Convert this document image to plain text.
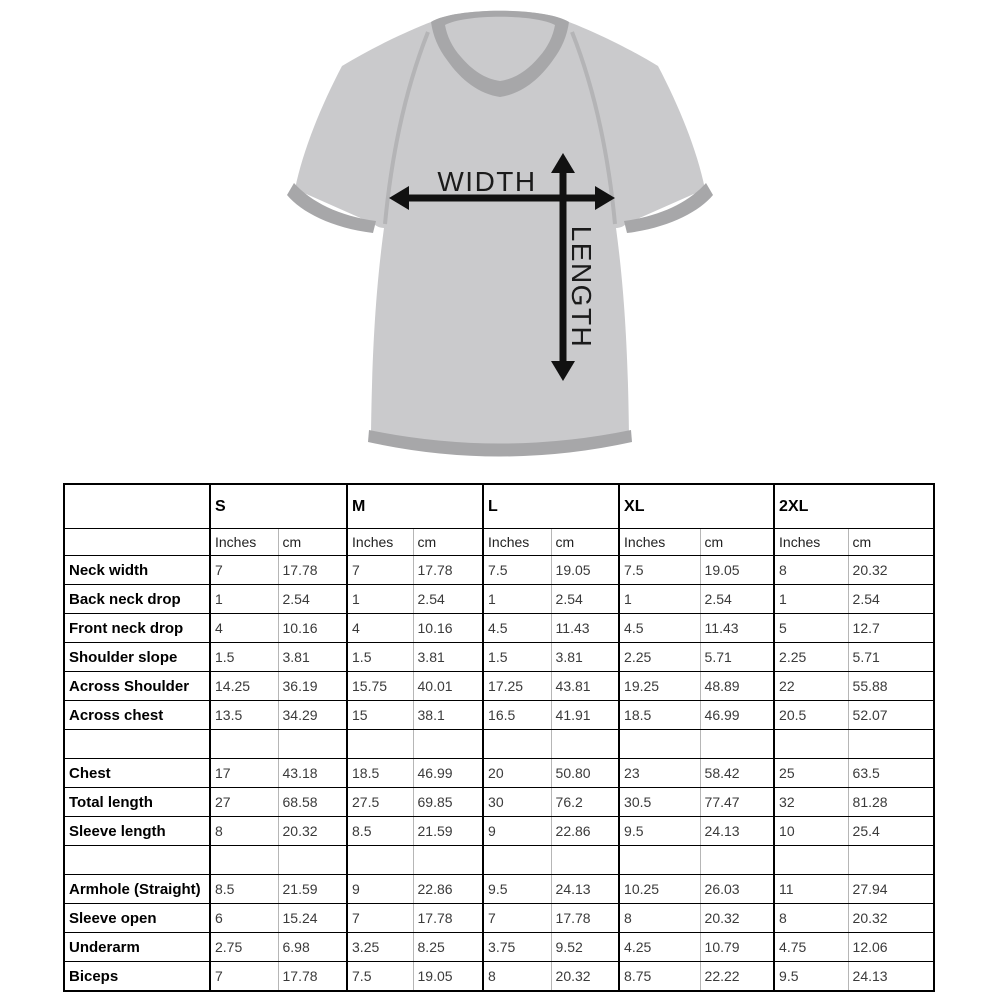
WIDTH
LENGTH
	S		M		L		XL		2XL	
	Inches	cm	Inches	cm	Inches	cm	Inches	cm	Inches	cm
Neck width	7	17.78	7	17.78	7.5	19.05	7.5	19.05	8	20.32
Back neck drop	1	2.54	1	2.54	1	2.54	1	2.54	1	2.54
Front neck drop	4	10.16	4	10.16	4.5	11.43	4.5	11.43	5	12.7
Shoulder slope	1.5	3.81	1.5	3.81	1.5	3.81	2.25	5.71	2.25	5.71
Across Shoulder	14.25	36.19	15.75	40.01	17.25	43.81	19.25	48.89	22	55.88
Across chest	13.5	34.29	15	38.1	16.5	41.91	18.5	46.99	20.5	52.07

Chest	17	43.18	18.5	46.99	20	50.80	23	58.42	25	63.5
Total length	27	68.58	27.5	69.85	30	76.2	30.5	77.47	32	81.28
Sleeve length	8	20.32	8.5	21.59	9	22.86	9.5	24.13	10	25.4

Armhole (Straight)	8.5	21.59	9	22.86	9.5	24.13	10.25	26.03	11	27.94
Sleeve open	6	15.24	7	17.78	7	17.78	8	20.32	8	20.32
Underarm	2.75	6.98	3.25	8.25	3.75	9.52	4.25	10.79	4.75	12.06
Biceps	7	17.78	7.5	19.05	8	20.32	8.75	22.22	9.5	24.13
